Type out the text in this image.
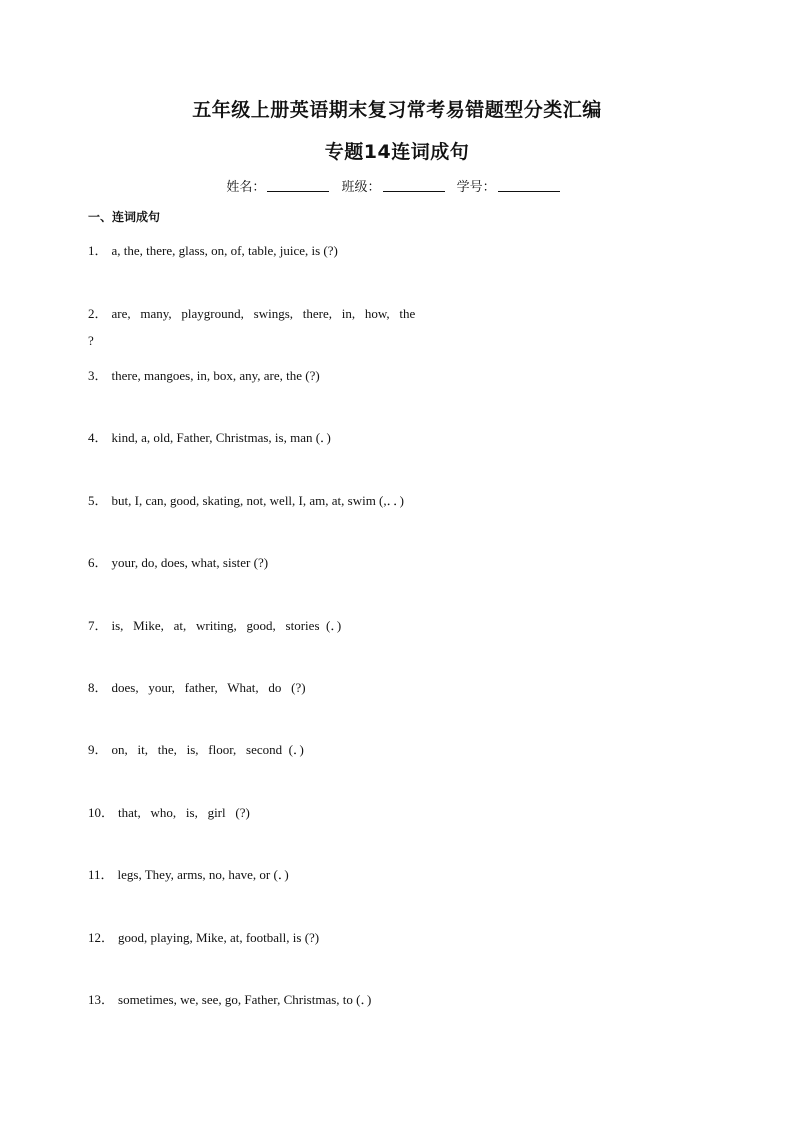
五年级上册英语期末复习常考易错题型分类汇编
专题14连词成句
姓名：	班级：	学号：
一、连词成句
1． a, the, there, glass, on, of, table, juice, is (?)
2． are,   many,   playground,   swings,   there,   in,   how,   the
?
3． there, mangoes, in, box, any, are, the (?)
4． kind, a, old, Father, Christmas, is, man (．)
5． but, I, can, good, skating, not, well, I, am, at, swim (,．．)
6． your, do, does, what, sister (?)
7． is,   Mike,   at,   writing,   good,   stories  (．)
8． does,   your,   father,   What,   do   (?)
9． on,   it,   the,   is,   floor,   second  (．)
10． that,   who,   is,   girl   (?)
11． legs, They, arms, no, have, or (．)
12． good, playing, Mike, at, football, is (?)
13． sometimes, we, see, go, Father, Christmas, to (．)
